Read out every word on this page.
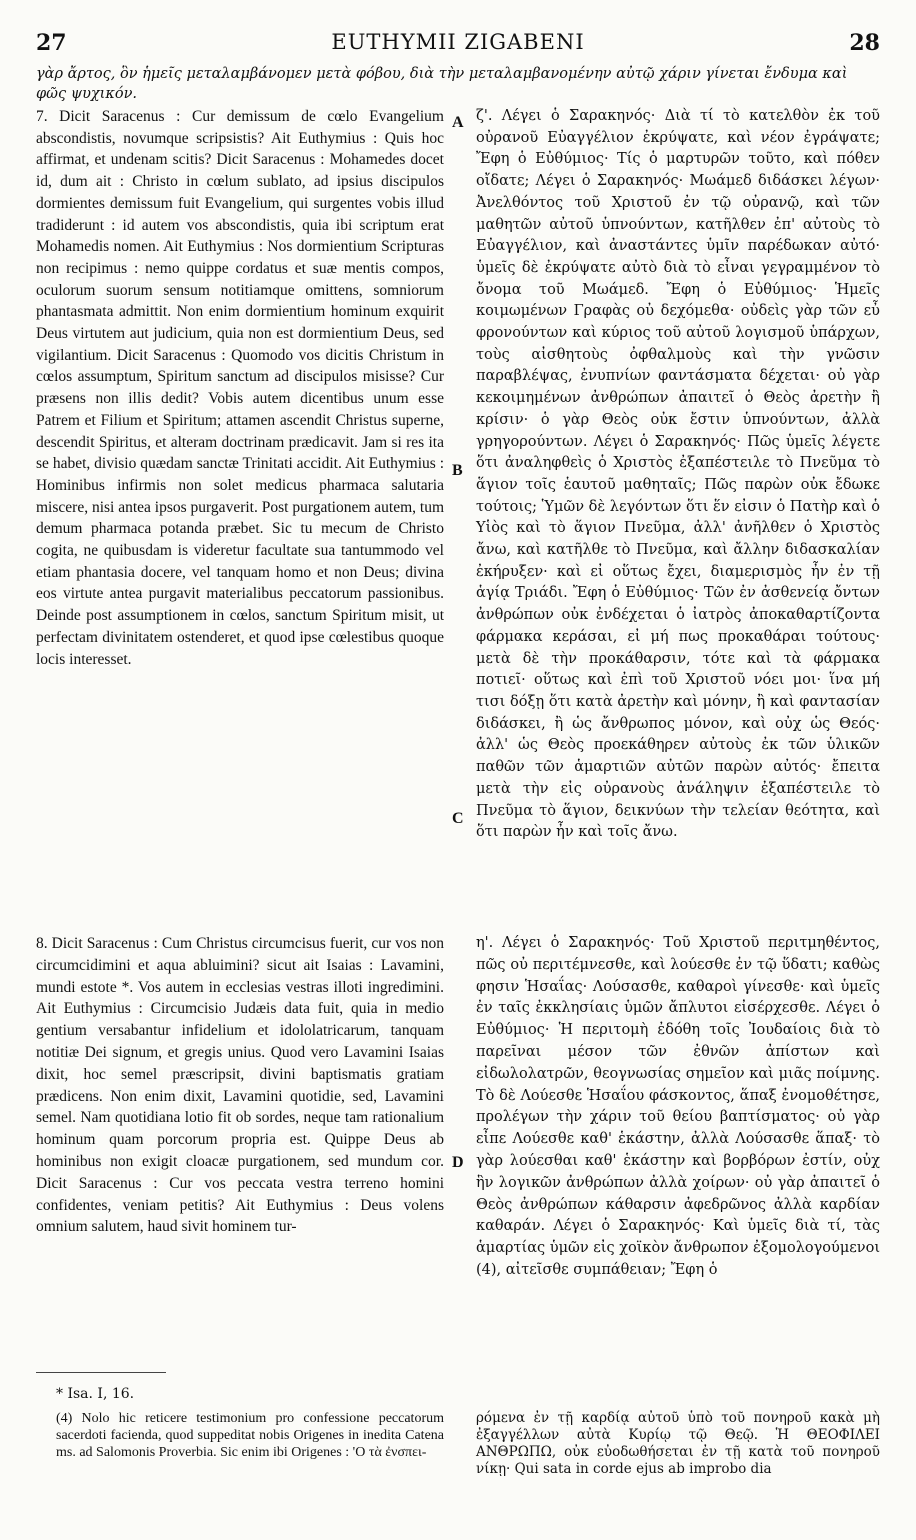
27	EUTHYMII ZIGABENI	28
γὰρ ἄρτος, ὃν ἡμεῖς μεταλαμβάνομεν μετὰ φόβου, διὰ τὴν μεταλαμβανομένην αὐτῷ χάριν γίνεται ἔνδυμα καὶ φῶς ψυχικόν.

7. Dicit Saracenus : Cur demissum de cœlo Evangelium abscondistis, novumque scripsistis? Ait Euthymius : Quis hoc affirmat, et undenam scitis? Dicit Saracenus : Mohamedes docet id, dum ait : Christo in cœlum sublato, ad ipsius discipulos dormientes demissum fuit Evangelium, qui surgentes vobis illud tradiderunt : id autem vos abscondistis, quia ibi scriptum erat Mohamedis nomen. Ait Euthymius : Nos dormientium Scripturas non recipimus : nemo quippe cordatus et suæ mentis compos, oculorum suorum sensum notitiamque omittens, somniorum phantasmata admittit. Non enim dormientium hominum exquirit Deus virtutem aut judicium, quia non est dormientium Deus, sed vigilantium. Dicit Saracenus : Quomodo vos dicitis Christum in cœlos assumptum, Spiritum sanctum ad discipulos misisse? Cur præsens non illis dedit? Vobis autem dicentibus unum esse Patrem et Filium et Spiritum; attamen ascendit Christus superne, descendit Spiritus, et alteram doctrinam prædicavit. Jam si res ita se habet, divisio quædam sanctæ Trinitati accidit. Ait Euthymius : Hominibus infirmis non solet medicus pharmaca salutaria miscere, nisi antea ipsos purgaverit. Post purgationem autem, tum demum pharmaca potanda præbet. Sic tu mecum de Christo cogita, ne quibusdam is videretur facultate sua tantummodo vel etiam phantasia docere, vel tanquam homo et non Deus; divina eos virtute antea purgavit materialibus peccatorum passionibus. Deinde post assumptionem in cœlos, sanctum Spiritum misit, ut perfectam divinitatem ostenderet, et quod ipse cœlestibus quoque locis interesset.

ζ'. Λέγει ὁ Σαρακηνός· Διὰ τί τὸ κατελθὸν ἐκ τοῦ οὐρανοῦ Εὐαγγέλιον ἐκρύψατε, καὶ νέον ἐγράψατε; Ἔφη ὁ Εὐθύμιος· Τίς ὁ μαρτυρῶν τοῦτο, καὶ πόθεν οἴδατε; Λέγει ὁ Σαρακηνός· Μωάμεδ διδάσκει λέγων· Ἀνελθόντος τοῦ Χριστοῦ ἐν τῷ οὐρανῷ, καὶ τῶν μαθητῶν αὐτοῦ ὑπνούντων, κατῆλθεν ἐπ' αὐτοὺς τὸ Εὐαγγέλιον, καὶ ἀναστάντες ὑμῖν παρέδωκαν αὐτό· ὑμεῖς δὲ ἐκρύψατε αὐτὸ διὰ τὸ εἶναι γεγραμμένον τὸ ὄνομα τοῦ Μωάμεδ. Ἔφη ὁ Εὐθύμιος· Ἡμεῖς κοιμωμένων Γραφὰς οὐ δεχόμεθα· οὐδεὶς γὰρ τῶν εὖ φρονούντων καὶ κύριος τοῦ αὐτοῦ λογισμοῦ ὑπάρχων, τοὺς αἰσθητοὺς ὀφθαλμοὺς καὶ τὴν γνῶσιν παραβλέψας, ἐνυπνίων φαντάσματα δέχεται· οὐ γὰρ κεκοιμημένων ἀνθρώπων ἀπαιτεῖ ὁ Θεὸς ἀρετὴν ἢ κρίσιν· ὁ γὰρ Θεὸς οὐκ ἔστιν ὑπνούντων, ἀλλὰ γρηγορούντων. Λέγει ὁ Σαρακηνός· Πῶς ὑμεῖς λέγετε ὅτι ἀναληφθεὶς ὁ Χριστὸς ἐξαπέστειλε τὸ Πνεῦμα τὸ ἅγιον τοῖς ἑαυτοῦ μαθηταῖς; Πῶς παρὼν οὐκ ἔδωκε τούτοις; Ὑμῶν δὲ λεγόντων ὅτι ἕν εἰσιν ὁ Πατὴρ καὶ ὁ Υἱὸς καὶ τὸ ἅγιον Πνεῦμα, ἀλλ' ἀνῆλθεν ὁ Χριστὸς ἄνω, καὶ κατῆλθε τὸ Πνεῦμα, καὶ ἄλλην διδασκαλίαν ἐκήρυξεν· καὶ εἰ οὕτως ἔχει, διαμερισμὸς ἦν ἐν τῇ ἁγίᾳ Τριάδι. Ἔφη ὁ Εὐθύμιος· Τῶν ἐν ἀσθενείᾳ ὄντων ἀνθρώπων οὐκ ἐνδέχεται ὁ ἰατρὸς ἀποκαθαρτίζοντα φάρμακα κεράσαι, εἰ μή πως προκαθάραι τούτους· μετὰ δὲ τὴν προκάθαρσιν, τότε καὶ τὰ φάρμακα ποτιεῖ· οὕτως καὶ ἐπὶ τοῦ Χριστοῦ νόει μοι· ἵνα μή τισι δόξῃ ὅτι κατὰ ἀρετὴν καὶ μόνην, ἢ καὶ φαντασίαν διδάσκει, ἢ ὡς ἄνθρωπος μόνον, καὶ οὐχ ὡς Θεός· ἀλλ' ὡς Θεὸς προεκάθηρεν αὐτοὺς ἐκ τῶν ὑλικῶν παθῶν τῶν ἁμαρτιῶν αὐτῶν παρὼν αὐτός· ἔπειτα μετὰ τὴν εἰς οὐρανοὺς ἀνάληψιν ἐξαπέστειλε τὸ Πνεῦμα τὸ ἅγιον, δεικνύων τὴν τελείαν θεότητα, καὶ ὅτι παρὼν ἦν καὶ τοῖς ἄνω.

A
B
C
D

8. Dicit Saracenus : Cum Christus circumcisus fuerit, cur vos non circumcidimini et aqua abluimini? sicut ait Isaias : Lavamini, mundi estote *. Vos autem in ecclesias vestras illoti ingredimini. Ait Euthymius : Circumcisio Judæis data fuit, quia in medio gentium versabantur infidelium et idololatricarum, tanquam notitiæ Dei signum, et gregis unius. Quod vero Lavamini Isaias dixit, hoc semel præscripsit, divini baptismatis gratiam prædicens. Non enim dixit, Lavamini quotidie, sed, Lavamini semel. Nam quotidiana lotio fit ob sordes, neque tam rationalium hominum quam porcorum propria est. Quippe Deus ab hominibus non exigit cloacæ purgationem, sed mundum cor. Dicit Saracenus : Cur vos peccata vestra terreno homini confidentes, veniam petitis? Ait Euthymius : Deus volens omnium salutem, haud sivit hominem tur-

η'. Λέγει ὁ Σαρακηνός· Τοῦ Χριστοῦ περιτμηθέντος, πῶς οὐ περιτέμνεσθε, καὶ λούεσθε ἐν τῷ ὕδατι; καθὼς φησιν Ἡσαΐας· Λούσασθε, καθαροὶ γίνεσθε· καὶ ὑμεῖς ἐν ταῖς ἐκκλησίαις ὑμῶν ἄπλυτοι εἰσέρχεσθε. Λέγει ὁ Εὐθύμιος· Ἡ περιτομὴ ἐδόθη τοῖς Ἰουδαίοις διὰ τὸ παρεῖναι μέσον τῶν ἐθνῶν ἀπίστων καὶ εἰδωλολατρῶν, θεογνωσίας σημεῖον καὶ μιᾶς ποίμνης. Τὸ δὲ Λούεσθε Ἡσαΐου φάσκοντος, ἅπαξ ἐνομοθέτησε, προλέγων τὴν χάριν τοῦ θείου βαπτίσματος· οὐ γὰρ εἶπε Λούεσθε καθ' ἑκάστην, ἀλλὰ Λούσασθε ἅπαξ· τὸ γὰρ λούεσθαι καθ' ἑκάστην καὶ βορβόρων ἐστίν, οὐχ ἣν λογικῶν ἀνθρώπων ἀλλὰ χοίρων· οὐ γὰρ ἀπαιτεῖ ὁ Θεὸς ἀνθρώπων κάθαρσιν ἀφεδρῶνος ἀλλὰ καρδίαν καθαράν. Λέγει ὁ Σαρακηνός· Καὶ ὑμεῖς διὰ τί, τὰς ἁμαρτίας ὑμῶν εἰς χοϊκὸν ἄνθρωπον ἐξομολογούμενοι (4), αἰτεῖσθε συμπάθειαν; Ἔφη ὁ

* Isa. I, 16.
(4) Nolo hic reticere testimonium pro confessione peccatorum sacerdoti facienda, quod suppeditat nobis Origenes in inedita Catena ms. ad Salomonis Proverbia. Sic enim ibi Origenes : 'Ο τὰ ἐνσπει-
ρόμενα ἐν τῇ καρδίᾳ αὐτοῦ ὑπὸ τοῦ πονηροῦ κακὰ μὴ ἐξαγγέλλων αὐτὰ Κυρίῳ τῷ Θεῷ. Ἡ ΘΕΟΦΙΛΕΙ ΑΝΘΡΩΠΩ, οὐκ εὐοδωθήσεται ἐν τῇ κατὰ τοῦ πονηροῦ νίκῃ· Qui sata in corde ejus ab improbo dia
